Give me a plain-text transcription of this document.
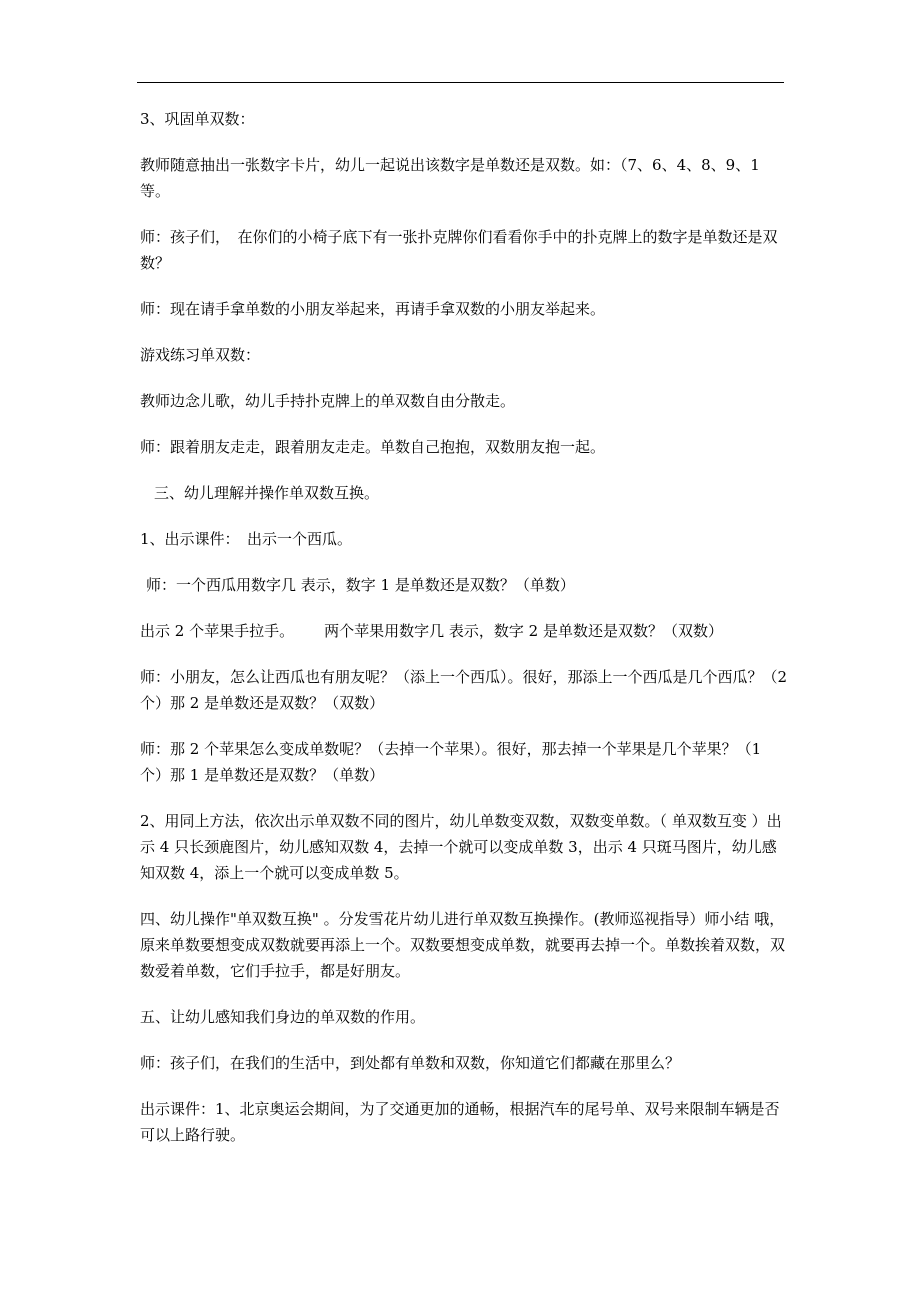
3、巩固单双数：

教师随意抽出一张数字卡片，幼儿一起说出该数字是单数还是双数。如：（7、6、4、8、9、1 等。

师：孩子们，　在你们的小椅子底下有一张扑克牌你们看看你手中的扑克牌上的数字是单数还是双数？

师：现在请手拿单数的小朋友举起来，再请手拿双数的小朋友举起来。

游戏练习单双数：

教师边念儿歌，幼儿手持扑克牌上的单双数自由分散走。

师：跟着朋友走走，跟着朋友走走。单数自己抱抱，双数朋友抱一起。

三、幼儿理解并操作单双数互换。

1、出示课件：　出示一个西瓜。

师：一个西瓜用数字几 表示，数字 1 是单数还是双数？（单数）

出示 2 个苹果手拉手。 两个苹果用数字几 表示，数字 2 是单数还是双数？（双数）

师：小朋友，怎么让西瓜也有朋友呢？（添上一个西瓜）。很好，那添上一个西瓜是几个西瓜？（2 个）那 2 是单数还是双数？（双数）

师：那 2 个苹果怎么变成单数呢？（去掉一个苹果）。很好，那去掉一个苹果是几个苹果？（1 个）那 1 是单数还是双数？（单数）

2、用同上方法，依次出示单双数不同的图片，幼儿单数变双数，双数变单数。（ 单双数互变 ）出示 4 只长颈鹿图片，幼儿感知双数 4，去掉一个就可以变成单数 3，出示 4 只斑马图片，幼儿感知双数 4，添上一个就可以变成单数 5。

四、幼儿操作"单双数互换" 。分发雪花片幼儿进行单双数互换操作。(教师巡视指导）师小结 哦，原来单数要想变成双数就要再添上一个。双数要想变成单数，就要再去掉一个。单数挨着双数，双数爱着单数，它们手拉手，都是好朋友。

五、让幼儿感知我们身边的单双数的作用。

师：孩子们，在我们的生活中，到处都有单数和双数，你知道它们都藏在那里么？

出示课件：1、北京奥运会期间，为了交通更加的通畅，根据汽车的尾号单、双号来限制车辆是否可以上路行驶。
